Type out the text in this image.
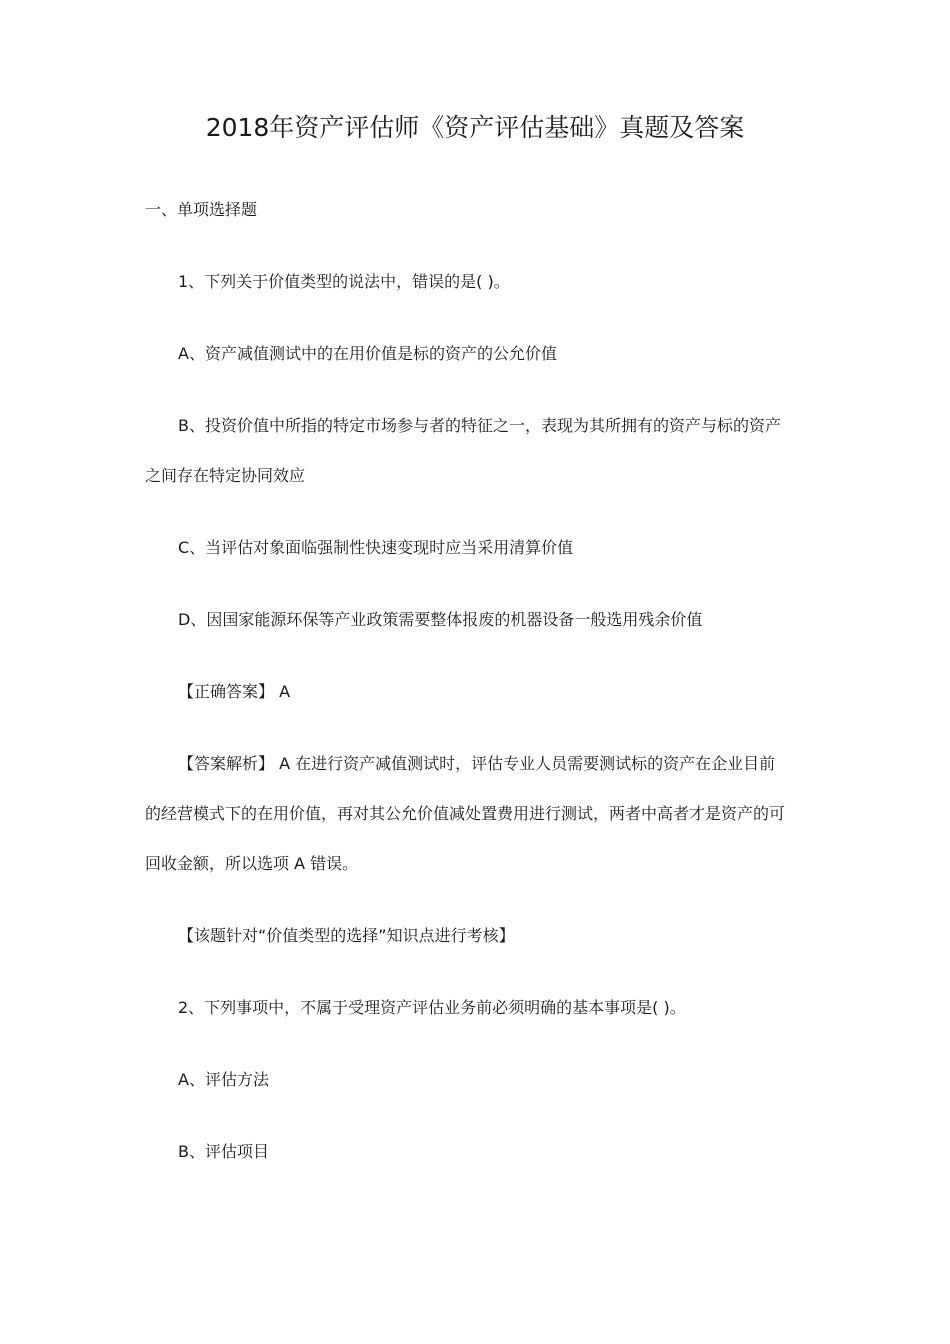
2018年资产评估师《资产评估基础》真题及答案
一、单项选择题
1、下列关于价值类型的说法中，错误的是( )。
A、资产减值测试中的在用价值是标的资产的公允价值
B、投资价值中所指的特定市场参与者的特征之一，表现为其所拥有的资产与标的资产
之间存在特定协同效应
C、当评估对象面临强制性快速变现时应当采用清算价值
D、因国家能源环保等产业政策需要整体报废的机器设备一般选用残余价值
【正确答案】 A
【答案解析】 A 在进行资产减值测试时，评估专业人员需要测试标的资产在企业目前
的经营模式下的在用价值，再对其公允价值减处置费用进行测试，两者中高者才是资产的可
回收金额，所以选项 A 错误。
【该题针对“价值类型的选择”知识点进行考核】
2、下列事项中，不属于受理资产评估业务前必须明确的基本事项是( )。
A、评估方法
B、评估项目
